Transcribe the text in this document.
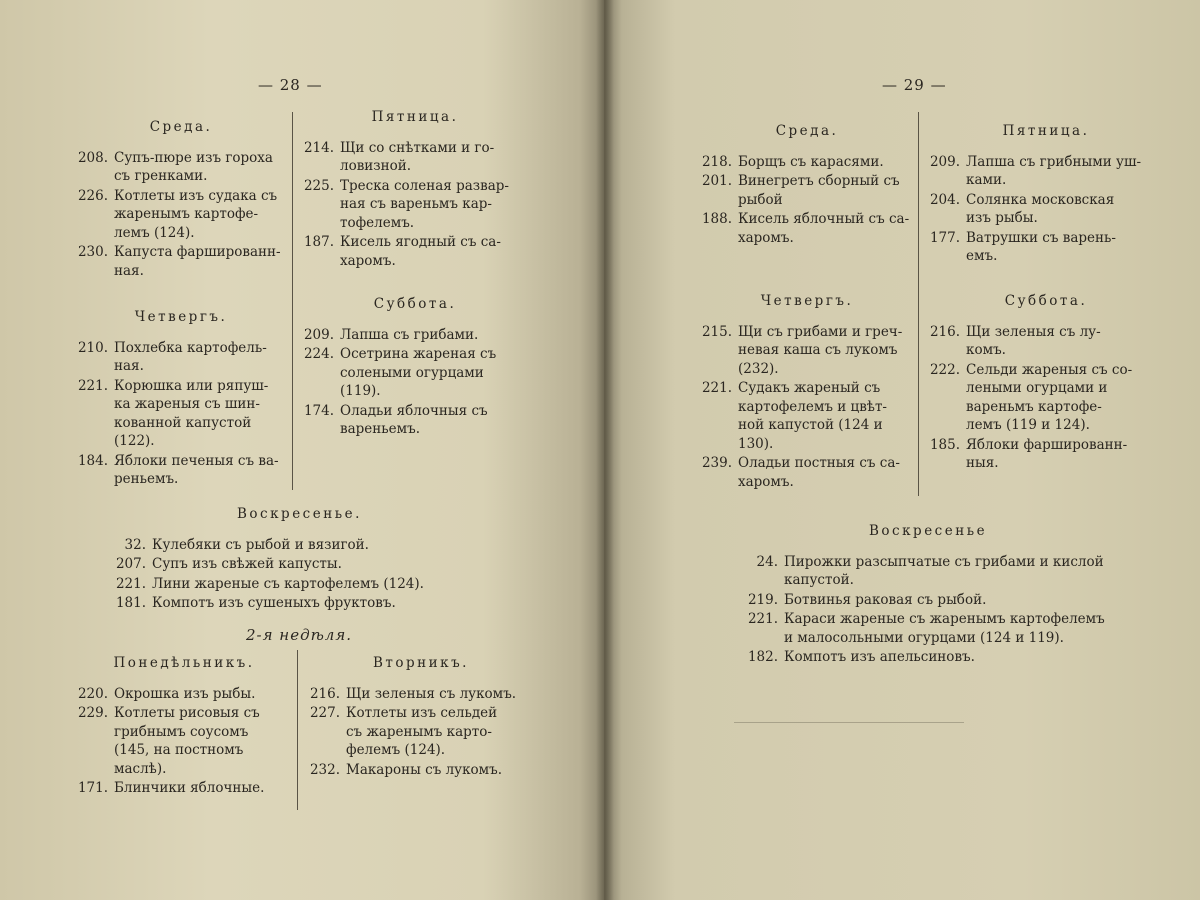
— 28 —
Среда.
208. Супъ-пюре изъ гороха
съ гренками.
226. Котлеты изъ судака съ
жаренымъ картофе-
лемъ (124).
230. Капуста фаршированн-
ная.
Четвергъ.
210. Похлебка картофель-
ная.
221. Корюшка или ряпуш-
ка жареныя съ шин-
кованной капустой
(122).
184. Яблоки печеныя съ ва-
реньемъ.
Пятница.
214. Щи со снѣтками и го-
ловизной.
225. Треска соленая развар-
ная съ вареньмъ кар-
тофелемъ.
187. Кисель ягодный съ са-
харомъ.
Суббота.
209. Лапша съ грибами.
224. Осетрина жареная съ
солеными огурцами
(119).
174. Оладьи яблочныя съ
вареньемъ.
Воскресенье.
32. Кулебяки съ рыбой и вязигой.
207. Супъ изъ свѣжей капусты.
221. Лини жареные съ картофелемъ (124).
181. Компотъ изъ сушеныхъ фруктовъ.
2-я недѣля.
Понедѣльникъ.
220. Окрошка изъ рыбы.
229. Котлеты рисовыя съ
грибнымъ соусомъ
(145, на постномъ
маслѣ).
171. Блинчики яблочные.
Вторникъ.
216. Щи зеленыя съ лукомъ.
227. Котлеты изъ сельдей
съ жаренымъ карто-
фелемъ (124).
232. Макароны съ лукомъ.
— 29 —
Среда.
218. Борщъ съ карасями.
201. Винегретъ сборный съ
рыбой
188. Кисель яблочный съ са-
харомъ.
Четвергъ.
215. Щи съ грибами и греч-
невая каша съ лукомъ
(232).
221. Судакъ жареный съ
картофелемъ и цвѣт-
ной капустой (124 и
130).
239. Оладьи постныя съ са-
харомъ.
Пятница.
209. Лапша съ грибными уш-
ками.
204. Солянка московская
изъ рыбы.
177. Ватрушки съ варень-
емъ.
Суббота.
216. Щи зеленыя съ лу-
комъ.
222. Сельди жареныя съ со-
леными огурцами и
вареньмъ картофе-
лемъ (119 и 124).
185. Яблоки фаршированн-
ныя.
Воскресенье
24. Пирожки разсыпчатые съ грибами и кислой
капустой.
219. Ботвинья раковая съ рыбой.
221. Караси жареные съ жаренымъ картофелемъ
и малосольными огурцами (124 и 119).
182. Компотъ изъ апельсиновъ.
